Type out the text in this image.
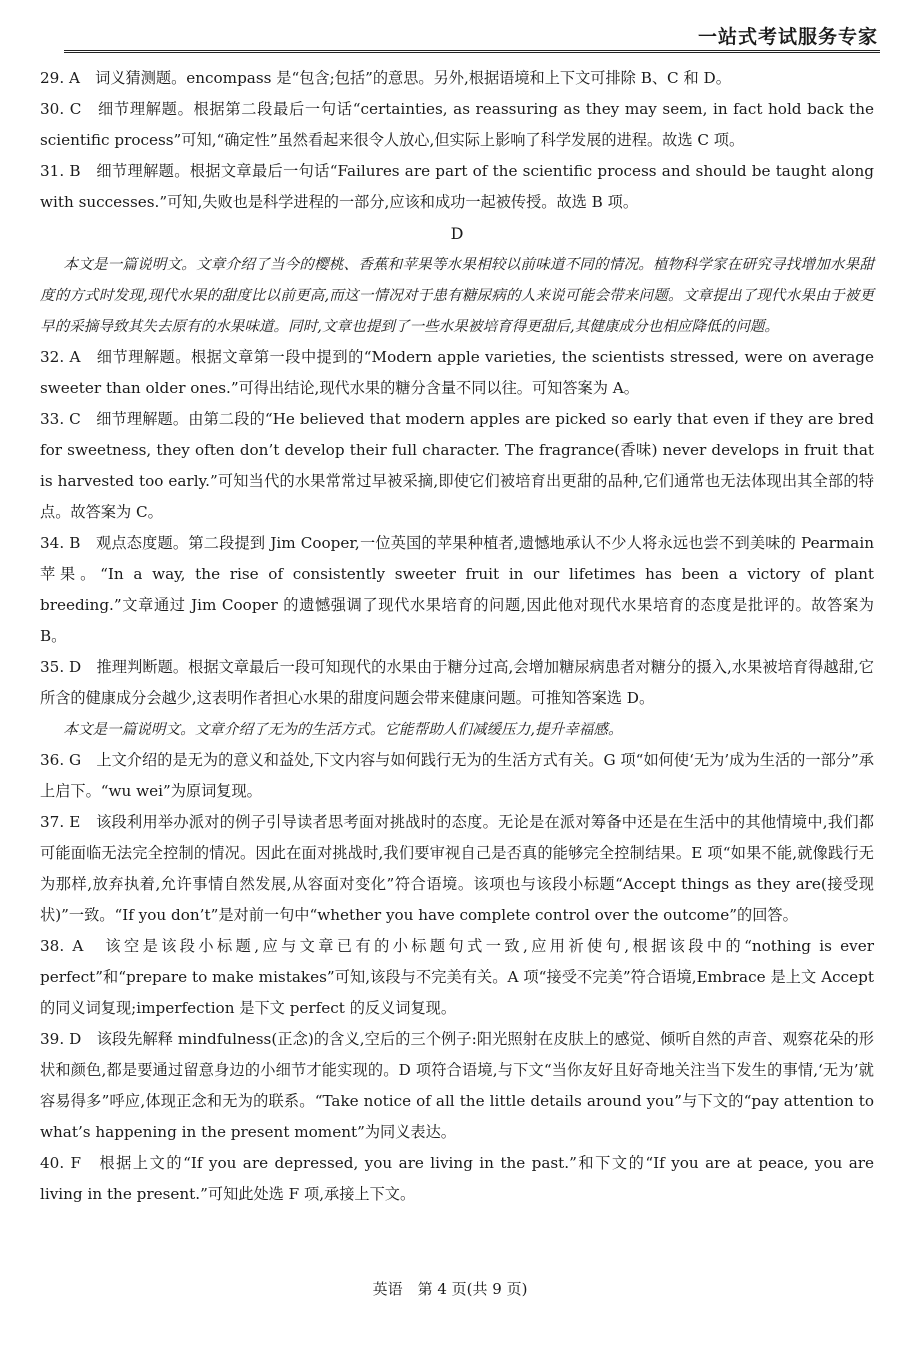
一站式考试服务专家

29. A　词义猜测题。encompass 是“包含;包括”的意思。另外,根据语境和上下文可排除 B、C 和 D。

30. C　细节理解题。根据第二段最后一句话“certainties, as reassuring as they may seem, in fact hold back the scientific process”可知,“确定性”虽然看起来很令人放心,但实际上影响了科学发展的进程。故选 C 项。

31. B　细节理解题。根据文章最后一句话“Failures are part of the scientific process and should be taught along with successes.”可知,失败也是科学进程的一部分,应该和成功一起被传授。故选 B 项。

D

本文是一篇说明文。文章介绍了当今的樱桃、香蕉和苹果等水果相较以前味道不同的情况。植物科学家在研究寻找增加水果甜度的方式时发现,现代水果的甜度比以前更高,而这一情况对于患有糖尿病的人来说可能会带来问题。文章提出了现代水果由于被更早的采摘导致其失去原有的水果味道。同时,文章也提到了一些水果被培育得更甜后,其健康成分也相应降低的问题。

32. A　细节理解题。根据文章第一段中提到的“Modern apple varieties, the scientists stressed, were on average sweeter than older ones.”可得出结论,现代水果的糖分含量不同以往。可知答案为 A。

33. C　细节理解题。由第二段的“He believed that modern apples are picked so early that even if they are bred for sweetness, they often don’t develop their full character. The fragrance(香味) never develops in fruit that is harvested too early.”可知当代的水果常常过早被采摘,即使它们被培育出更甜的品种,它们通常也无法体现出其全部的特点。故答案为 C。

34. B　观点态度题。第二段提到 Jim Cooper,一位英国的苹果种植者,遗憾地承认不少人将永远也尝不到美味的 Pearmain 苹果。“In a way, the rise of consistently sweeter fruit in our lifetimes has been a victory of plant breeding.”文章通过 Jim Cooper 的遗憾强调了现代水果培育的问题,因此他对现代水果培育的态度是批评的。故答案为 B。

35. D　推理判断题。根据文章最后一段可知现代的水果由于糖分过高,会增加糖尿病患者对糖分的摄入,水果被培育得越甜,它所含的健康成分会越少,这表明作者担心水果的甜度问题会带来健康问题。可推知答案选 D。

本文是一篇说明文。文章介绍了无为的生活方式。它能帮助人们减缓压力,提升幸福感。

36. G　上文介绍的是无为的意义和益处,下文内容与如何践行无为的生活方式有关。G 项“如何使‘无为’成为生活的一部分”承上启下。“wu wei”为原词复现。

37. E　该段利用举办派对的例子引导读者思考面对挑战时的态度。无论是在派对筹备中还是在生活中的其他情境中,我们都可能面临无法完全控制的情况。因此在面对挑战时,我们要审视自己是否真的能够完全控制结果。E 项“如果不能,就像践行无为那样,放弃执着,允许事情自然发展,从容面对变化”符合语境。该项也与该段小标题“Accept things as they are(接受现状)”一致。“If you don’t”是对前一句中“whether you have complete control over the outcome”的回答。

38. A　该空是该段小标题,应与文章已有的小标题句式一致,应用祈使句,根据该段中的“nothing is ever perfect”和“prepare to make mistakes”可知,该段与不完美有关。A 项“接受不完美”符合语境,Embrace 是上文 Accept 的同义词复现;imperfection 是下文 perfect 的反义词复现。

39. D　该段先解释 mindfulness(正念)的含义,空后的三个例子:阳光照射在皮肤上的感觉、倾听自然的声音、观察花朵的形状和颜色,都是要通过留意身边的小细节才能实现的。D 项符合语境,与下文“当你友好且好奇地关注当下发生的事情,‘无为’就容易得多”呼应,体现正念和无为的联系。“Take notice of all the little details around you”与下文的“pay attention to what’s happening in the present moment”为同义表达。

40. F　根据上文的“If you are depressed, you are living in the past.”和下文的“If you are at peace, you are living in the present.”可知此处选 F 项,承接上下文。

英语　第 4 页(共 9 页)
